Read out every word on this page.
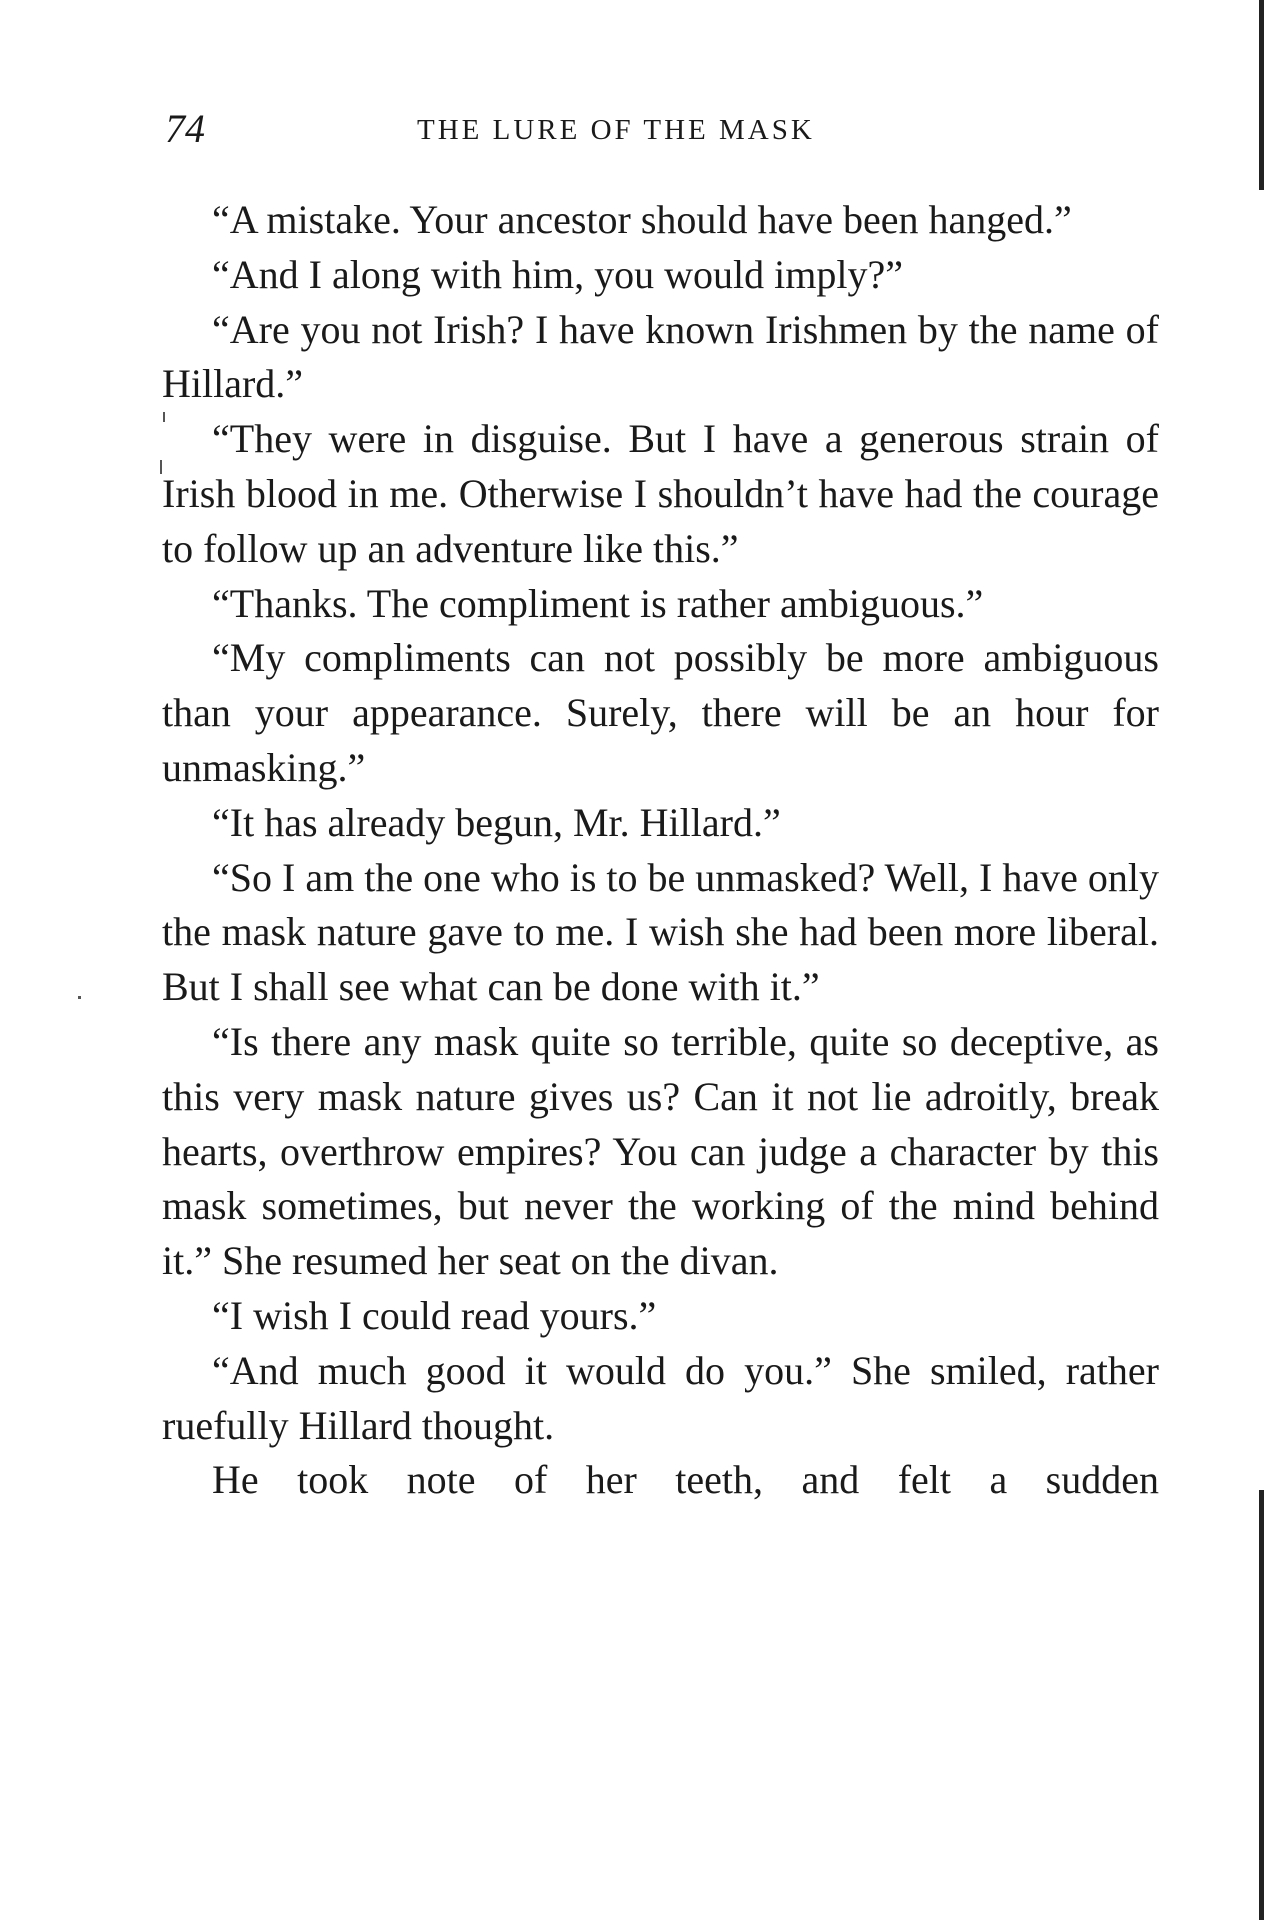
74	THE LURE OF THE MASK

“A mistake. Your ancestor should have been hanged.”

“And I along with him, you would imply?”

“Are you not Irish? I have known Irishmen by the name of Hillard.”

“They were in disguise. But I have a generous strain of Irish blood in me. Otherwise I shouldn’t have had the courage to follow up an adventure like this.”

“Thanks. The compliment is rather ambiguous.”

“My compliments can not possibly be more ambiguous than your appearance. Surely, there will be an hour for unmasking.”

“It has already begun, Mr. Hillard.”

“So I am the one who is to be unmasked? Well, I have only the mask nature gave to me. I wish she had been more liberal. But I shall see what can be done with it.”

“Is there any mask quite so terrible, quite so deceptive, as this very mask nature gives us? Can it not lie adroitly, break hearts, overthrow empires? You can judge a character by this mask sometimes, but never the working of the mind behind it.” She resumed her seat on the divan.

“I wish I could read yours.”

“And much good it would do you.” She smiled, rather ruefully Hillard thought.

He took note of her teeth, and felt a sudden
